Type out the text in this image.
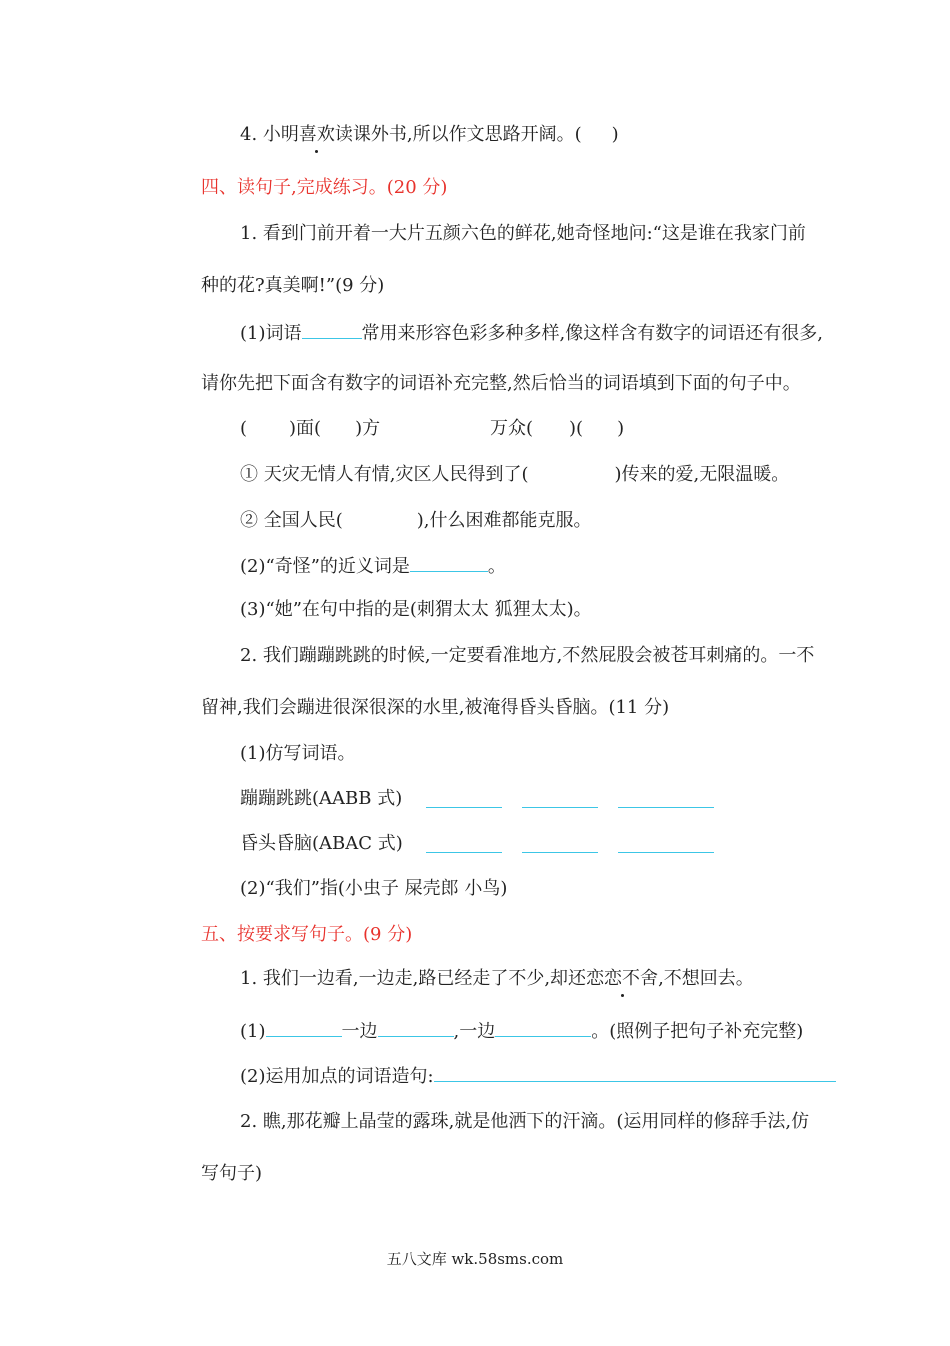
4. 小明喜欢读课外书,所以作文思路开阔。( )
四、读句子,完成练习。(20 分)
1. 看到门前开着一大片五颜六色的鲜花,她奇怪地问:“这是谁在我家门前
种的花?真美啊!”(9 分)
(1)词语	常用来形容色彩多种多样,像这样含有数字的词语还有很多,
请你先把下面含有数字的词语补充完整,然后恰当的词语填到下面的句子中。
( )面( )方	万众( )( )
① 天灾无情人有情,灾区人民得到了(	)传来的爱,无限温暖。
② 全国人民(	),什么困难都能克服。
(2)“奇怪”的近义词是	。
(3)“她”在句中指的是(刺猬太太 狐狸太太)。
2. 我们蹦蹦跳跳的时候,一定要看准地方,不然屁股会被苍耳刺痛的。一不
留神,我们会蹦进很深很深的水里,被淹得昏头昏脑。(11 分)
(1)仿写词语。
蹦蹦跳跳(AABB 式)
昏头昏脑(ABAC 式)
(2)“我们”指(小虫子 屎壳郎 小鸟)
五、按要求写句子。(9 分)
1. 我们一边看,一边走,路已经走了不少,却还恋恋不舍,不想回去。
(1)	一边	,一边	。(照例子把句子补充完整)
(2)运用加点的词语造句:
2. 瞧,那花瓣上晶莹的露珠,就是他洒下的汗滴。(运用同样的修辞手法,仿
写句子)
五八文库 wk.58sms.com
